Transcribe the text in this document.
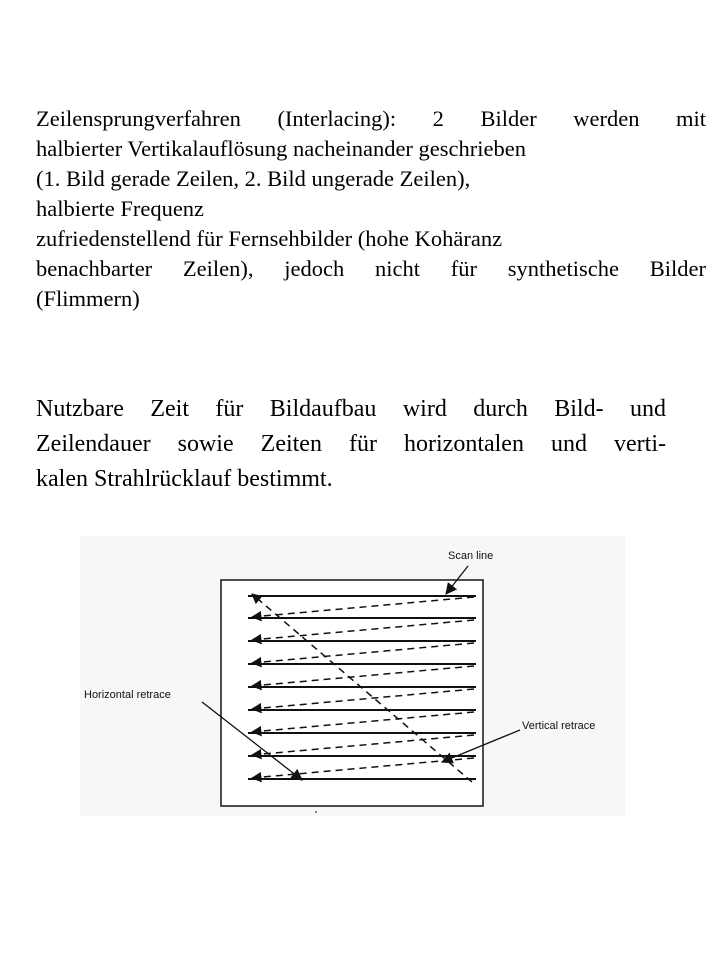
Zeilensprungverfahren (Interlacing): 2 Bilder werden mit
halbierter Vertikalauflösung nacheinander geschrieben
(1. Bild gerade Zeilen, 2. Bild ungerade Zeilen),
halbierte Frequenz
zufriedenstellend für Fernsehbilder (hohe Kohäranz
benachbarter Zeilen), jedoch nicht für synthetische Bilder
(Flimmern)
Nutzbare Zeit für Bildaufbau wird durch Bild- und
Zeilendauer sowie Zeiten für horizontalen und verti-
kalen Strahlrücklauf bestimmt.
Scan line
Horizontal retrace
Vertical retrace
